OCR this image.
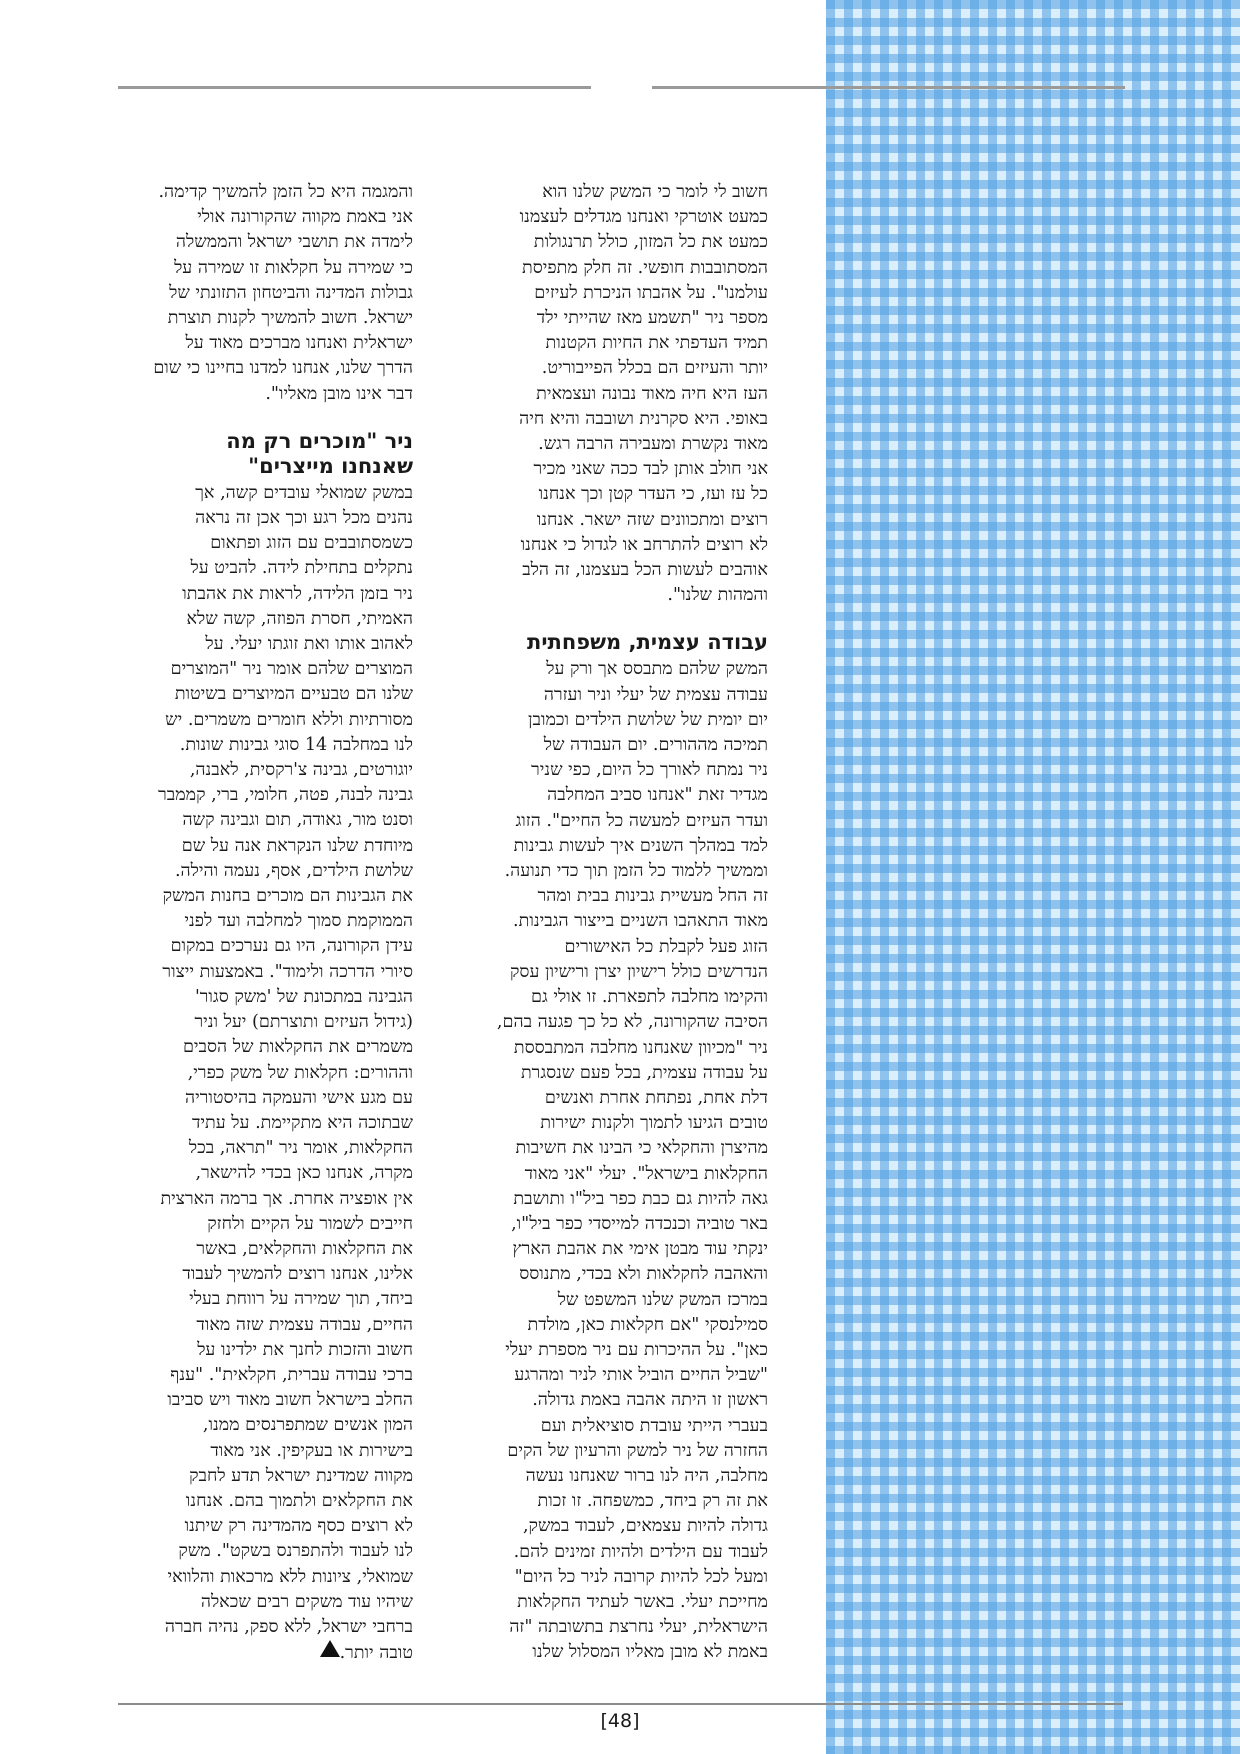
חשוב לי לומר כי המשק שלנו הוא
כמעט אוטרקי ואנחנו מגדלים לעצמנו
כמעט את כל המזון, כולל תרנגולות
המסתובבות חופשי. זה חלק מתפיסת
עולמנו". על אהבתו הניכרת לעיזים
מספר ניר "תשמע מאז שהייתי ילד
תמיד העדפתי את החיות הקטנות
יותר והעיזים הם בכלל הפייבוריט.
העז היא חיה מאוד נבונה ועצמאית
באופי. היא סקרנית ושובבה והיא חיה
מאוד נקשרת ומעבירה הרבה רגש.
אני חולב אותן לבד ככה שאני מכיר
כל עז ועז, כי העדר קטן וכך אנחנו
רוצים ומתכוונים שזה ישאר. אנחנו
לא רוצים להתרחב או לגדול כי אנחנו
אוהבים לעשות הכל בעצמנו, זה הלב
והמהות שלנו".
עבודה עצמית, משפחתית
המשק שלהם מתבסס אך ורק על
עבודה עצמית של יעלי וניר ועזרה
יום יומית של שלושת הילדים וכמובן
תמיכה מההורים. יום העבודה של
ניר נמתח לאורך כל היום, כפי שניר
מגדיר זאת "אנחנו סביב המחלבה
ועדר העיזים למעשה כל החיים". הזוג
למד במהלך השנים איך לעשות גבינות
וממשיך ללמוד כל הזמן תוך כדי תנועה.
זה החל מעשיית גבינות בבית ומהר
מאוד התאהבו השניים בייצור הגבינות.
הזוג פעל לקבלת כל האישורים
הנדרשים כולל רישיון יצרן ורישיון עסק
והקימו מחלבה לתפארת. זו אולי גם
הסיבה שהקורונה, לא כל כך פגעה בהם,
ניר "מכיוון שאנחנו מחלבה המתבססת
על עבודה עצמית, בכל פעם שנסגרת
דלת אחת, נפתחת אחרת ואנשים
טובים הגיעו לתמוך ולקנות ישירות
מהיצרן והחקלאי כי הבינו את חשיבות
החקלאות בישראל". יעלי "אני מאוד
גאה להיות גם כבת כפר ביל"ו ותושבת
באר טוביה וכנכדה למייסדי כפר ביל"ו,
ינקתי עוד מבטן אימי את אהבת הארץ
והאהבה לחקלאות ולא בכדי, מתנוסס
במרכז המשק שלנו המשפט של
סמילנסקי "אם חקלאות כאן, מולדת
כאן". על ההיכרות עם ניר מספרת יעלי
"שביל החיים הוביל אותי לניר ומהרגע
ראשון זו היתה אהבה באמת גדולה.
בעברי הייתי עובדת סוציאלית ועם
החזרה של ניר למשק והרעיון של הקים
מחלבה, היה לנו ברור שאנחנו נעשה
את זה רק ביחד, כמשפחה. זו זכות
גדולה להיות עצמאים, לעבוד במשק,
לעבוד עם הילדים ולהיות זמינים להם.
ומעל לכל להיות קרובה לניר כל היום"
מחייכת יעלי. באשר לעתיד החקלאות
הישראלית, יעלי נחרצת בתשובתה "זה
באמת לא מובן מאליו המסלול שלנו
והמגמה היא כל הזמן להמשיך קדימה.
אני באמת מקווה שהקורונה אולי
לימדה את תושבי ישראל והממשלה
כי שמירה על חקלאות זו שמירה על
גבולות המדינה והביטחון התזונתי של
ישראל. חשוב להמשיך לקנות תוצרת
ישראלית ואנחנו מברכים מאוד על
הדרך שלנו, אנחנו למדנו בחיינו כי שום
דבר אינו מובן מאליו".
ניר "מוכרים רק מה
שאנחנו מייצרים"
במשק שמואלי עובדים קשה, אך
נהנים מכל רגע וכך אכן זה נראה
כשמסתובבים עם הזוג ופתאום
נתקלים בתחילת לידה. להביט על
ניר בזמן הלידה, לראות את אהבתו
האמיתי, חסרת הפוזה, קשה שלא
לאהוב אותו ואת זוגתו יעלי. על
המוצרים שלהם אומר ניר "המוצרים
שלנו הם טבעיים המיוצרים בשיטות
מסורתיות וללא חומרים משמרים. יש
לנו במחלבה 14 סוגי גבינות שונות.
יוגורטים, גבינה צ'רקסית, לאבנה,
גבינה לבנה, פטה, חלומי, ברי, קממבר
וסנט מור, גאודה, תום וגבינה קשה
מיוחדת שלנו הנקראת אנה על שם
שלושת הילדים, אסף, נעמה והילה.
את הגבינות הם מוכרים בחנות המשק
הממוקמת סמוך למחלבה ועד לפני
עידן הקורונה, היו גם נערכים במקום
סיורי הדרכה ולימוד". באמצעות ייצור
הגבינה במתכונת של 'משק סגור'
(גידול העיזים ותוצרתם) יעל וניר
משמרים את החקלאות של הסבים
וההורים: חקלאות של משק כפרי,
עם מגע אישי והעמקה בהיסטוריה
שבתוכה היא מתקיימת. על עתיד
החקלאות, אומר ניר "תראה, בכל
מקרה, אנחנו כאן בכדי להישאר,
אין אופציה אחרת. אך ברמה הארצית
חייבים לשמור על הקיים ולחזק
את החקלאות והחקלאים, באשר
אלינו, אנחנו רוצים להמשיך לעבוד
ביחד, תוך שמירה על רווחת בעלי
החיים, עבודה עצמית שזה מאוד
חשוב והזכות לחנך את ילדינו על
ברכי עבודה עברית, חקלאית". "ענף
החלב בישראל חשוב מאוד ויש סביבו
המון אנשים שמתפרנסים ממנו,
בישירות או בעקיפין. אני מאוד
מקווה שמדינת ישראל תדע לחבק
את החקלאים ולתמוך בהם. אנחנו
לא רוצים כסף מהמדינה רק שיתנו
לנו לעבוד ולהתפרנס בשקט". משק
שמואלי, ציונות ללא מרכאות והלוואי
שיהיו עוד משקים רבים שכאלה
ברחבי ישראל, ללא ספק, נהיה חברה
טובה יותר.
[48]
